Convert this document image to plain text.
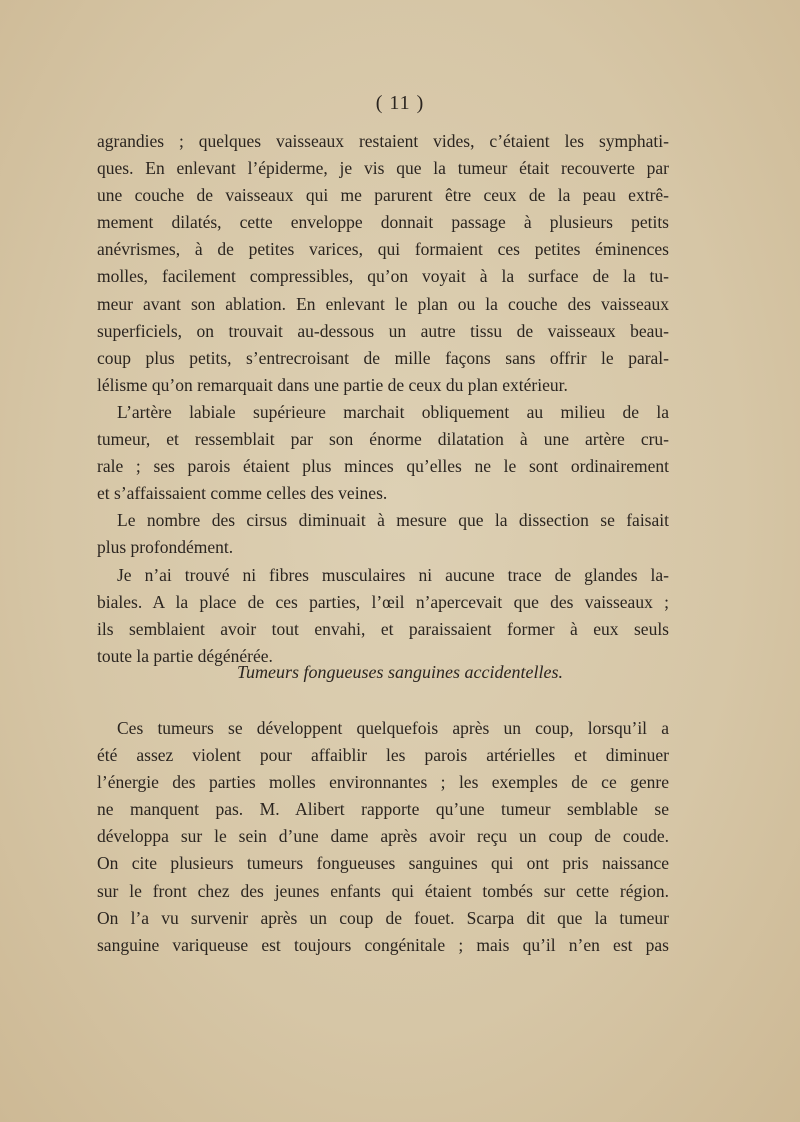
( 11 )
agrandies ; quelques vaisseaux restaient vides, c’étaient les symphati-
ques. En enlevant l’épiderme, je vis que la tumeur était recouverte par
une couche de vaisseaux qui me parurent être ceux de la peau extrê-
mement dilatés, cette enveloppe donnait passage à plusieurs petits
anévrismes, à de petites varices, qui formaient ces petites éminences
molles, facilement compressibles, qu’on voyait à la surface de la tu-
meur avant son ablation. En enlevant le plan ou la couche des vaisseaux
superficiels, on trouvait au-dessous un autre tissu de vaisseaux beau-
coup plus petits, s’entrecroisant de mille façons sans offrir le paral-
lélisme qu’on remarquait dans une partie de ceux du plan extérieur.
L’artère labiale supérieure marchait obliquement au milieu de la
tumeur, et ressemblait par son énorme dilatation à une artère cru-
rale ; ses parois étaient plus minces qu’elles ne le sont ordinairement
et s’affaissaient comme celles des veines.
Le nombre des cirsus diminuait à mesure que la dissection se faisait
plus profondément.
Je n’ai trouvé ni fibres musculaires ni aucune trace de glandes la-
biales. A la place de ces parties, l’œil n’apercevait que des vaisseaux ;
ils semblaient avoir tout envahi, et paraissaient former à eux seuls
toute la partie dégénérée.
Tumeurs fongueuses sanguines accidentelles.
Ces tumeurs se développent quelquefois après un coup, lorsqu’il a
été assez violent pour affaiblir les parois artérielles et diminuer
l’énergie des parties molles environnantes ; les exemples de ce genre
ne manquent pas. M. Alibert rapporte qu’une tumeur semblable se
développa sur le sein d’une dame après avoir reçu un coup de coude.
On cite plusieurs tumeurs fongueuses sanguines qui ont pris naissance
sur le front chez des jeunes enfants qui étaient tombés sur cette région.
On l’a vu survenir après un coup de fouet. Scarpa dit que la tumeur
sanguine variqueuse est toujours congénitale ; mais qu’il n’en est pas
